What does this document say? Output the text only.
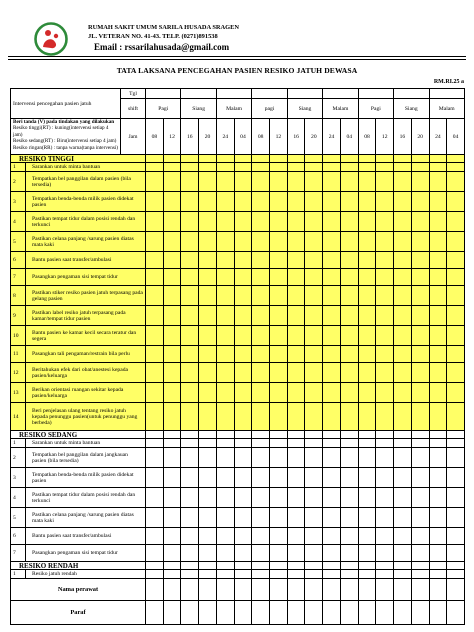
RUMAH SAKIT UMUM SARILA HUSADA SRAGEN
JL. VETERAN NO. 41-43. TELP. (0271)891538
Email : rssarilahusada@gmail.com
TATA LAKSANA PENCEGAHAN PASIEN RESIKO JATUH DEWASA
RM.RI.25 a
Intervensi pencegahan pasien jatuh		Tgl																		
		shift	Pagi		Siang		Malam		pagi		Siang		Malam		Pagi		Siang		Malam	

Beri tanda (V) pada tindakan yang dilakukan
Resiko tinggi(RT) : kuning(intervensi setiap 4 jam)
Resiko sedang(RT) : Biru(intervensi setiap 4 jam)
Resiko ringan(RR) : tanpa warna(tanpa intervensi)		Jam	08	12	16	20	24	04	08	12	16	20	24	04	08	12	16	20	24	04
RESIKO TINGGI																				
1	Sarankan untuk minta bantuan																			
2	Tempatkan bel panggilan dalam pasien (bila tersedia)																			
3	Tempatkan benda-benda milik pasien didekat pasien																			
4	Pastikan tempat tidur dalam posisi rendah dan terkunci																			
5	Pastikan celana panjang /sarung pasien diatas mata kaki																			
6	Bantu pasien saat transfer/ambulasi																			
7	Pasangkan pengaman sisi tempat tidur																			
8	Pastikan stiker resiko pasien jatuh terpasang pada gelang pasien																			
9	Pastikan label resiko jatuh terpasang pada kamar/tempat tidur pasien																			
10	Bantu pasien ke kamar kecil secara teratur dan segera																			
11	Pasangkan tali pengaman/restrain bila perlu																			
12	Beritahukan efek dari obat/anestesi kepada pasien/keluarga																			
13	Berikan orientasi ruangan sekitar kepada pasien/keluarga																			
14	Beri penjelasan ulang tentang resiko jatuh kepada penunggu pasien(untuk penunggu yang berbeda)																			
RESIKO SEDANG																				
1	Sarankan untuk minta bantuan																			
2	Tempatkan bel panggilan dalam jangkauan pasien (bila tersedia)																			
3	Tempatkan benda-benda milik pasien didekat pasien																			
4	Pastikan tempat tidur dalam posisi rendah dan terkunci																			
5	Pastikan celana panjang /sarung pasien diatas mata kaki																			
6	Bantu pasien saat transfer/ambulasi																			
7	Pasangkan pengaman sisi tempat tidur																			
RESIKO RENDAH																				
1	Resiko jatuh rendah																			
Nama perawat																				
Paraf																				
